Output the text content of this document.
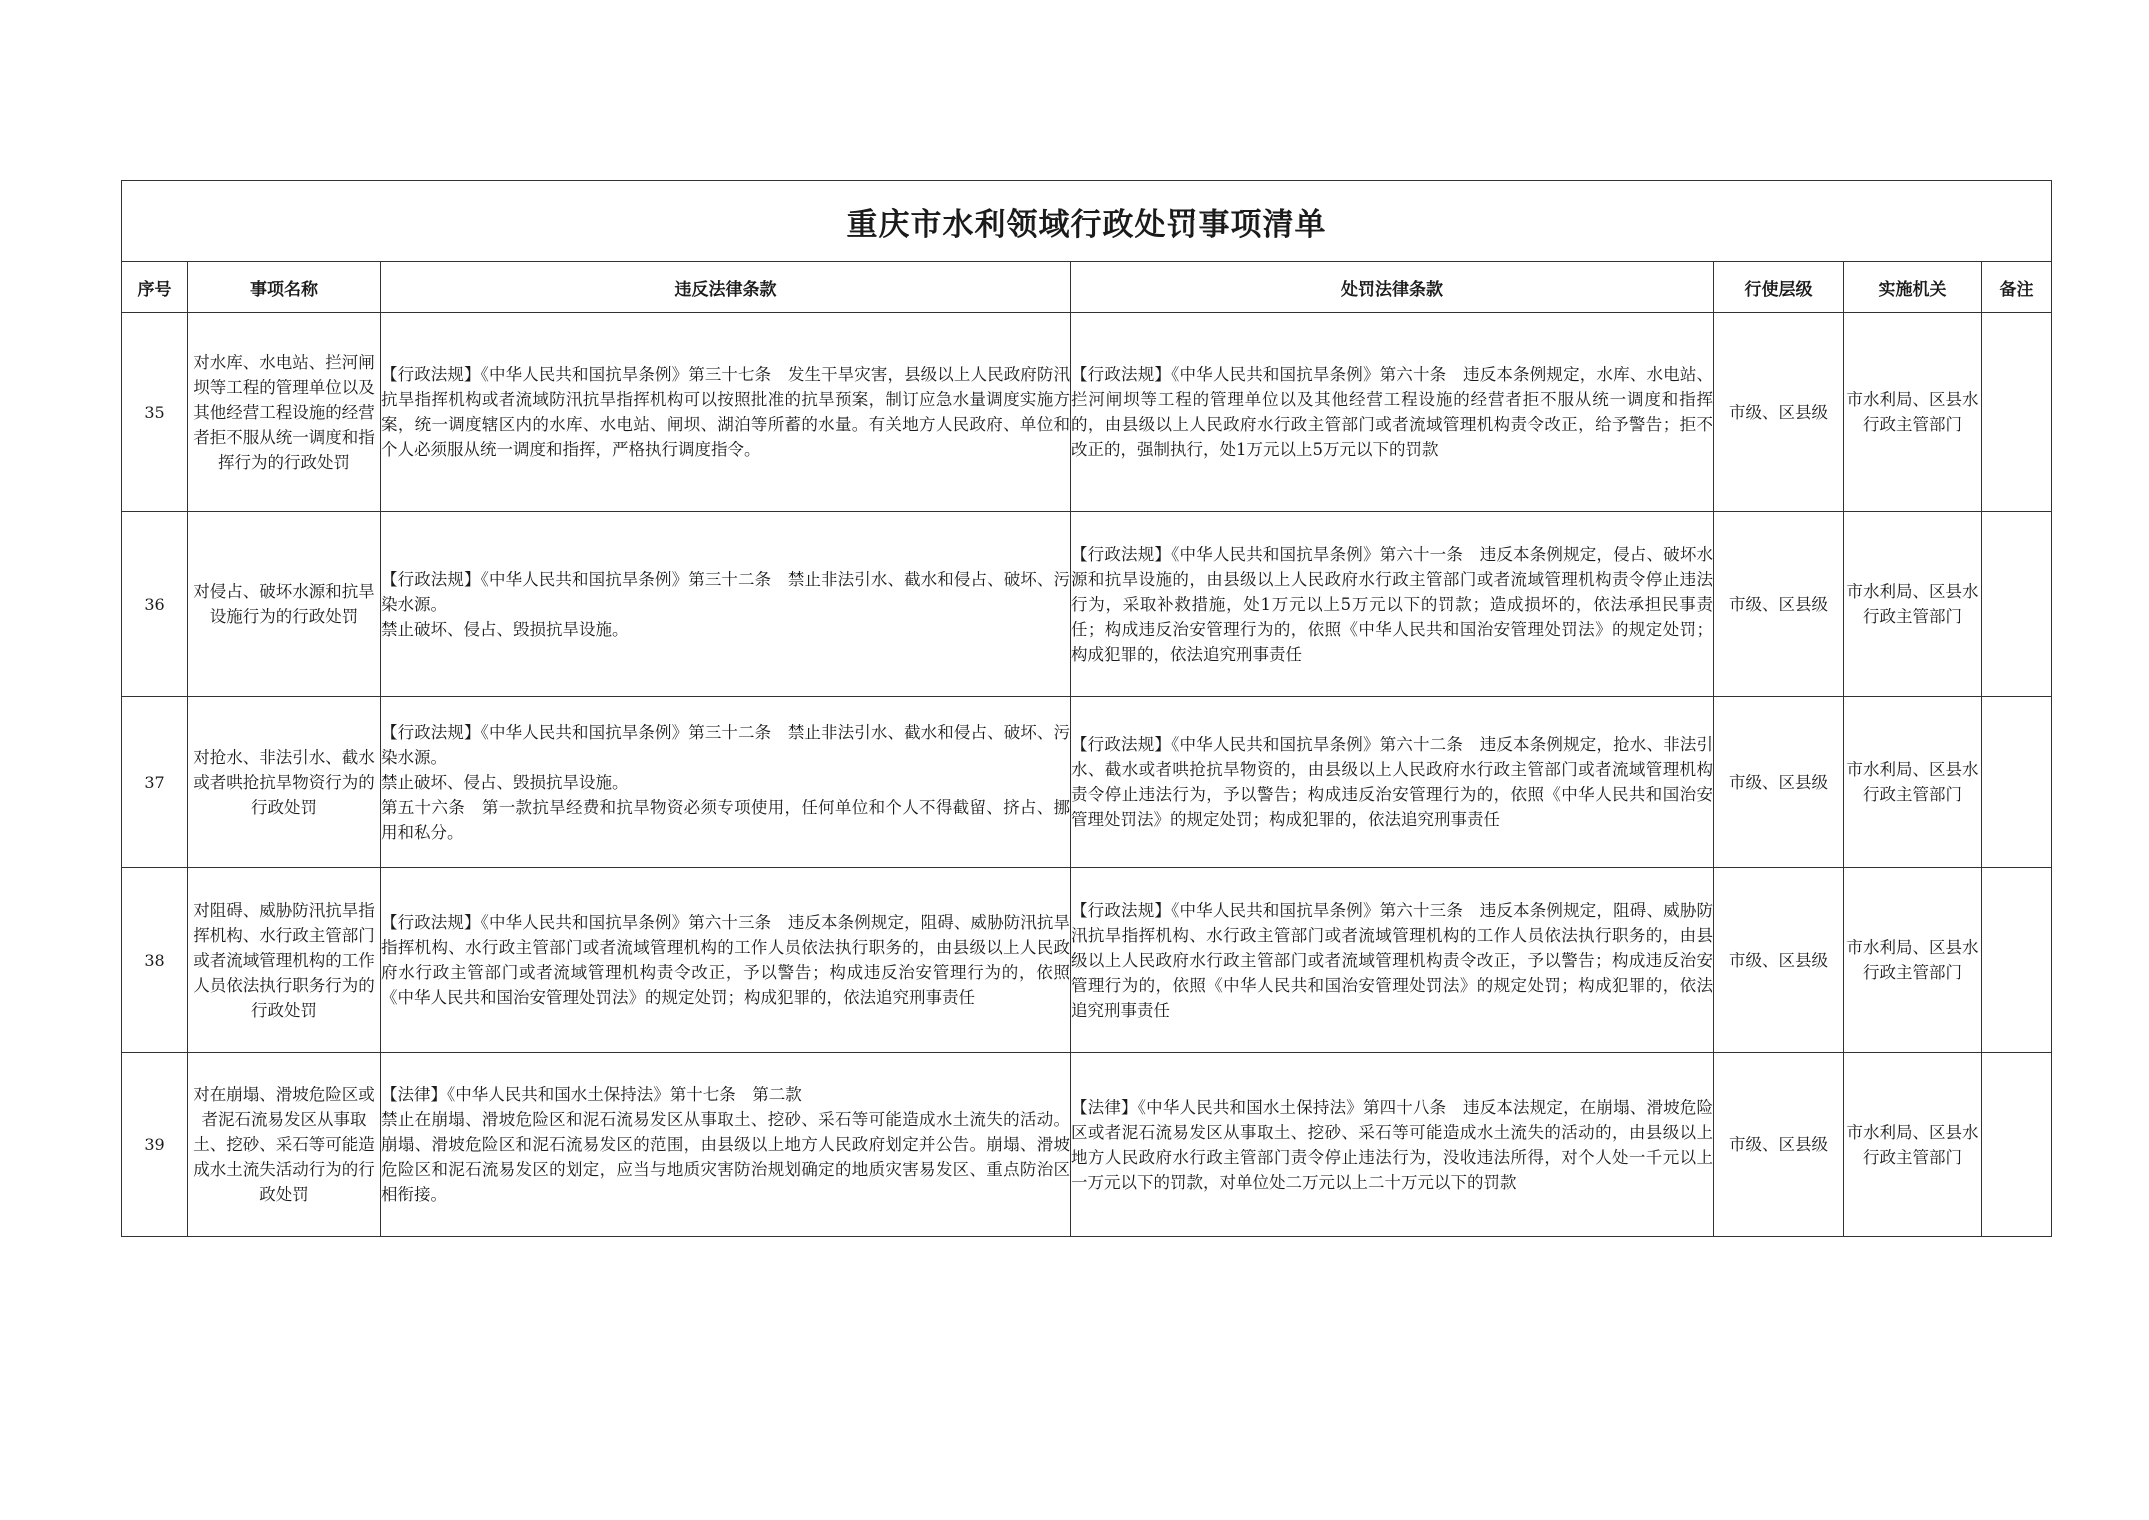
重庆市水利领域行政处罚事项清单						
序号	事项名称	违反法律条款	处罚法律条款	行使层级	实施机关	备注
35	对水库、水电站、拦河闸坝等工程的管理单位以及其他经营工程设施的经营者拒不服从统一调度和指挥行为的行政处罚	【行政法规】《中华人民共和国抗旱条例》第三十七条　发生干旱灾害，县级以上人民政府防汛抗旱指挥机构或者流域防汛抗旱指挥机构可以按照批准的抗旱预案，制订应急水量调度实施方案，统一调度辖区内的水库、水电站、闸坝、湖泊等所蓄的水量。有关地方人民政府、单位和个人必须服从统一调度和指挥，严格执行调度指令。	【行政法规】《中华人民共和国抗旱条例》第六十条　违反本条例规定，水库、水电站、拦河闸坝等工程的管理单位以及其他经营工程设施的经营者拒不服从统一调度和指挥的，由县级以上人民政府水行政主管部门或者流域管理机构责令改正，给予警告；拒不改正的，强制执行，处1万元以上5万元以下的罚款	市级、区县级	市水利局、区县水行政主管部门	
36	对侵占、破坏水源和抗旱设施行为的行政处罚	【行政法规】《中华人民共和国抗旱条例》第三十二条　禁止非法引水、截水和侵占、破坏、污染水源。
禁止破坏、侵占、毁损抗旱设施。	【行政法规】《中华人民共和国抗旱条例》第六十一条　违反本条例规定，侵占、破坏水源和抗旱设施的，由县级以上人民政府水行政主管部门或者流域管理机构责令停止违法行为，采取补救措施，处1万元以上5万元以下的罚款；造成损坏的，依法承担民事责任；构成违反治安管理行为的，依照《中华人民共和国治安管理处罚法》的规定处罚；构成犯罪的，依法追究刑事责任	市级、区县级	市水利局、区县水行政主管部门	
37	对抢水、非法引水、截水或者哄抢抗旱物资行为的行政处罚	【行政法规】《中华人民共和国抗旱条例》第三十二条　禁止非法引水、截水和侵占、破坏、污染水源。
禁止破坏、侵占、毁损抗旱设施。
第五十六条　第一款抗旱经费和抗旱物资必须专项使用，任何单位和个人不得截留、挤占、挪用和私分。	【行政法规】《中华人民共和国抗旱条例》第六十二条　违反本条例规定，抢水、非法引水、截水或者哄抢抗旱物资的，由县级以上人民政府水行政主管部门或者流域管理机构责令停止违法行为，予以警告；构成违反治安管理行为的，依照《中华人民共和国治安管理处罚法》的规定处罚；构成犯罪的，依法追究刑事责任	市级、区县级	市水利局、区县水行政主管部门	
38	对阻碍、威胁防汛抗旱指挥机构、水行政主管部门或者流域管理机构的工作人员依法执行职务行为的行政处罚	【行政法规】《中华人民共和国抗旱条例》第六十三条　违反本条例规定，阻碍、威胁防汛抗旱指挥机构、水行政主管部门或者流域管理机构的工作人员依法执行职务的，由县级以上人民政府水行政主管部门或者流域管理机构责令改正，予以警告；构成违反治安管理行为的，依照《中华人民共和国治安管理处罚法》的规定处罚；构成犯罪的，依法追究刑事责任	【行政法规】《中华人民共和国抗旱条例》第六十三条　违反本条例规定，阻碍、威胁防汛抗旱指挥机构、水行政主管部门或者流域管理机构的工作人员依法执行职务的，由县级以上人民政府水行政主管部门或者流域管理机构责令改正，予以警告；构成违反治安管理行为的，依照《中华人民共和国治安管理处罚法》的规定处罚；构成犯罪的，依法追究刑事责任	市级、区县级	市水利局、区县水行政主管部门	
39	对在崩塌、滑坡危险区或者泥石流易发区从事取土、挖砂、采石等可能造成水土流失活动行为的行政处罚	【法律】《中华人民共和国水土保持法》第十七条　第二款
禁止在崩塌、滑坡危险区和泥石流易发区从事取土、挖砂、采石等可能造成水土流失的活动。崩塌、滑坡危险区和泥石流易发区的范围，由县级以上地方人民政府划定并公告。崩塌、滑坡危险区和泥石流易发区的划定，应当与地质灾害防治规划确定的地质灾害易发区、重点防治区相衔接。	【法律】《中华人民共和国水土保持法》第四十八条　违反本法规定，在崩塌、滑坡危险区或者泥石流易发区从事取土、挖砂、采石等可能造成水土流失的活动的，由县级以上地方人民政府水行政主管部门责令停止违法行为，没收违法所得，对个人处一千元以上一万元以下的罚款，对单位处二万元以上二十万元以下的罚款	市级、区县级	市水利局、区县水行政主管部门	
